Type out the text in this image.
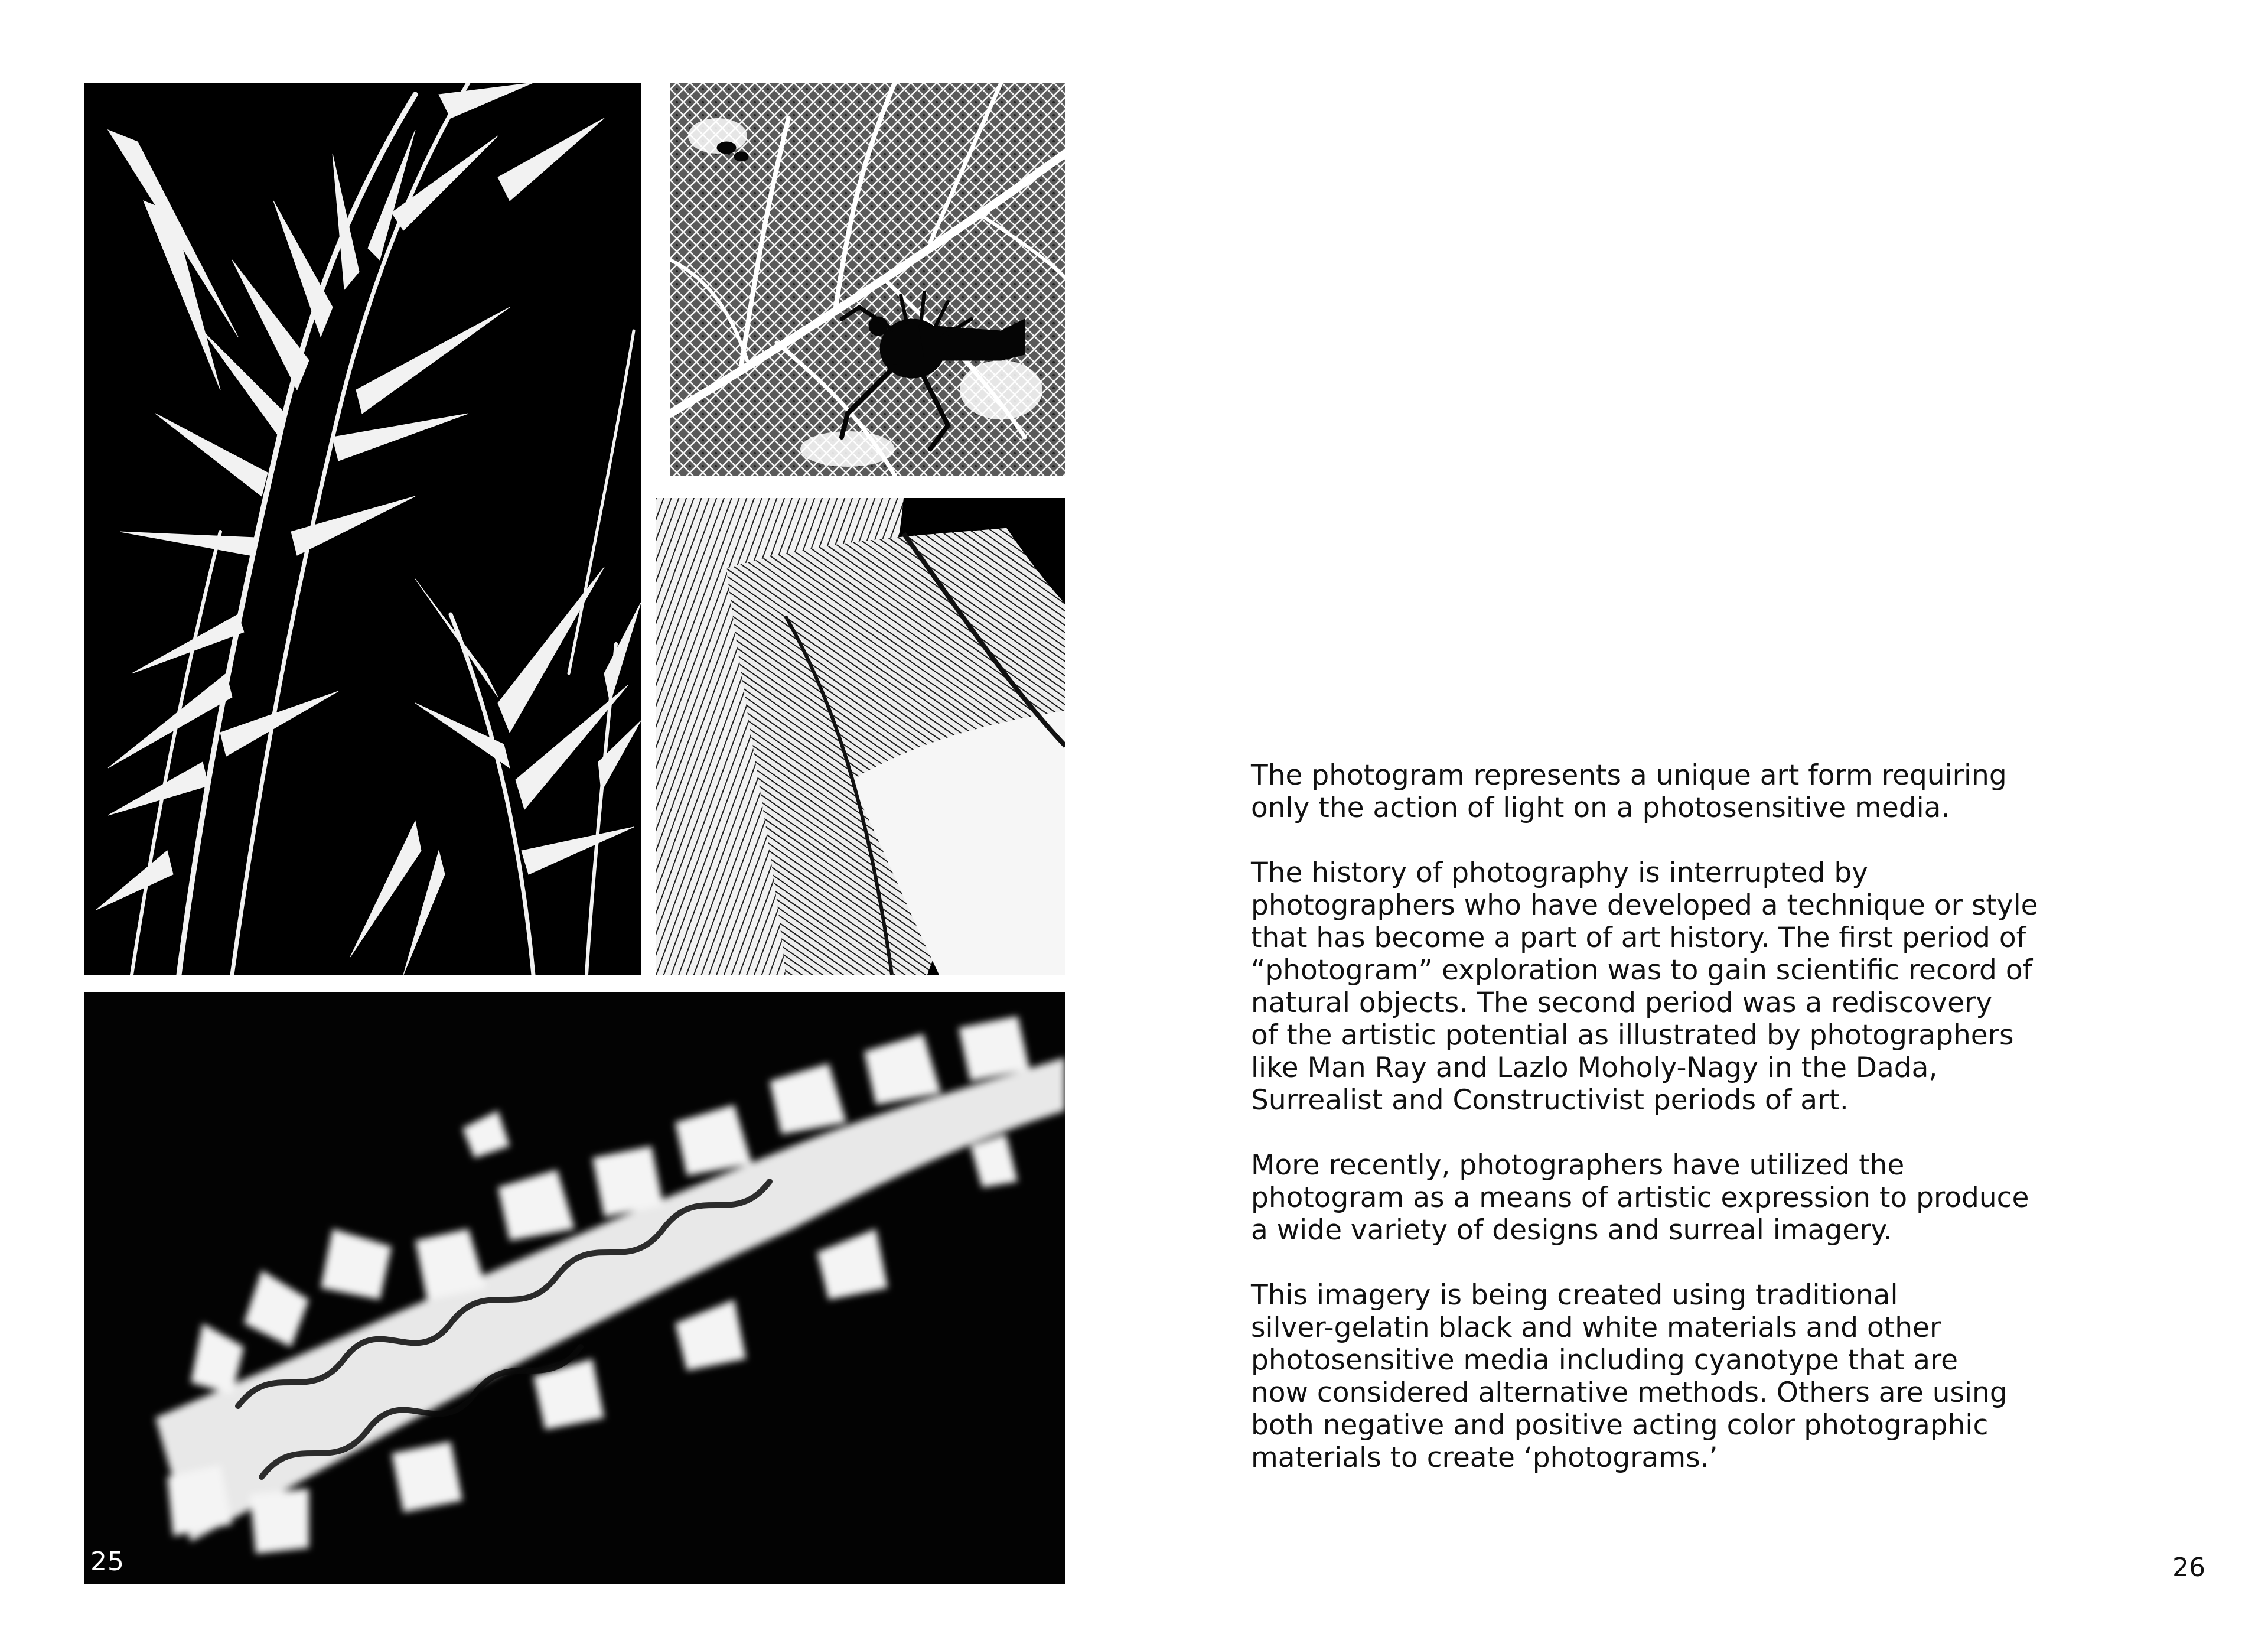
25	26

The photogram represents a unique art form requiring
only the action of light on a photosensitive media.

The history of photography is interrupted by
photographers who have developed a technique or style
that has become a part of art history. The first period of
“photogram” exploration was to gain scientific record of
natural objects. The second period was a rediscovery
of the artistic potential as illustrated by photographers
like Man Ray and Lazlo Moholy-Nagy in the Dada,
Surrealist and Constructivist periods of art.

More recently, photographers have utilized the
photogram as a means of artistic expression to produce
a wide variety of designs and surreal imagery.

This imagery is being created using traditional
silver-gelatin black and white materials and other
photosensitive media including cyanotype that are
now considered alternative methods. Others are using
both negative and positive acting color photographic
materials to create ‘photograms.’
